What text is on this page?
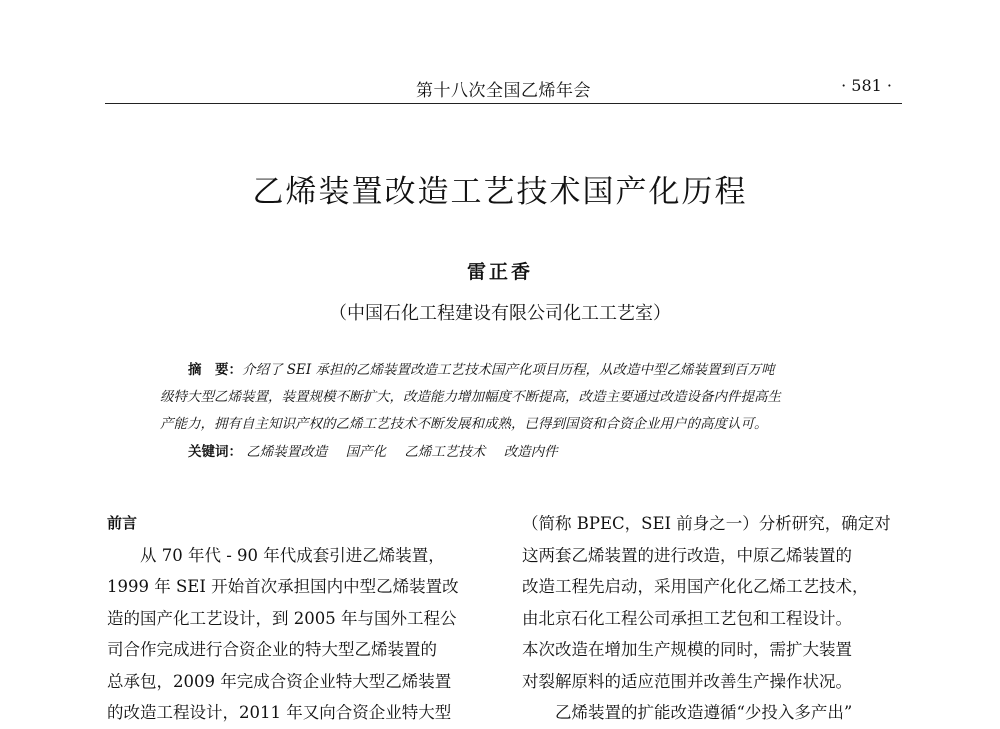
第十八次全国乙烯年会	· 581 ·
乙烯装置改造工艺技术国产化历程
雷正香
（中国石化工程建设有限公司化工工艺室）
摘　要：介绍了 SEI 承担的乙烯装置改造工艺技术国产化项目历程，从改造中型乙烯装置到百万吨
级特大型乙烯装置，装置规模不断扩大，改造能力增加幅度不断提高，改造主要通过改造设备内件提高生
产能力，拥有自主知识产权的乙烯工艺技术不断发展和成熟，已得到国资和合资企业用户的高度认可。
关键词： 乙烯装置改造 国产化 乙烯工艺技术 改造内件

前言

从 70 年代 - 90 年代成套引进乙烯装置，

1999 年 SEI 开始首次承担国内中型乙烯装置改

造的国产化工艺设计，到 2005 年与国外工程公

司合作完成进行合资企业的特大型乙烯装置的

总承包，2009 年完成合资企业特大型乙烯装置

的改造工程设计，2011 年又向合资企业特大型

（简称 BPEC，SEI 前身之一）分析研究，确定对

这两套乙烯装置的进行改造，中原乙烯装置的

改造工程先启动，采用国产化化乙烯工艺技术，

由北京石化工程公司承担工艺包和工程设计。

本次改造在增加生产规模的同时，需扩大装置

对裂解原料的适应范围并改善生产操作状况。

乙烯装置的扩能改造遵循“少投入多产出”
